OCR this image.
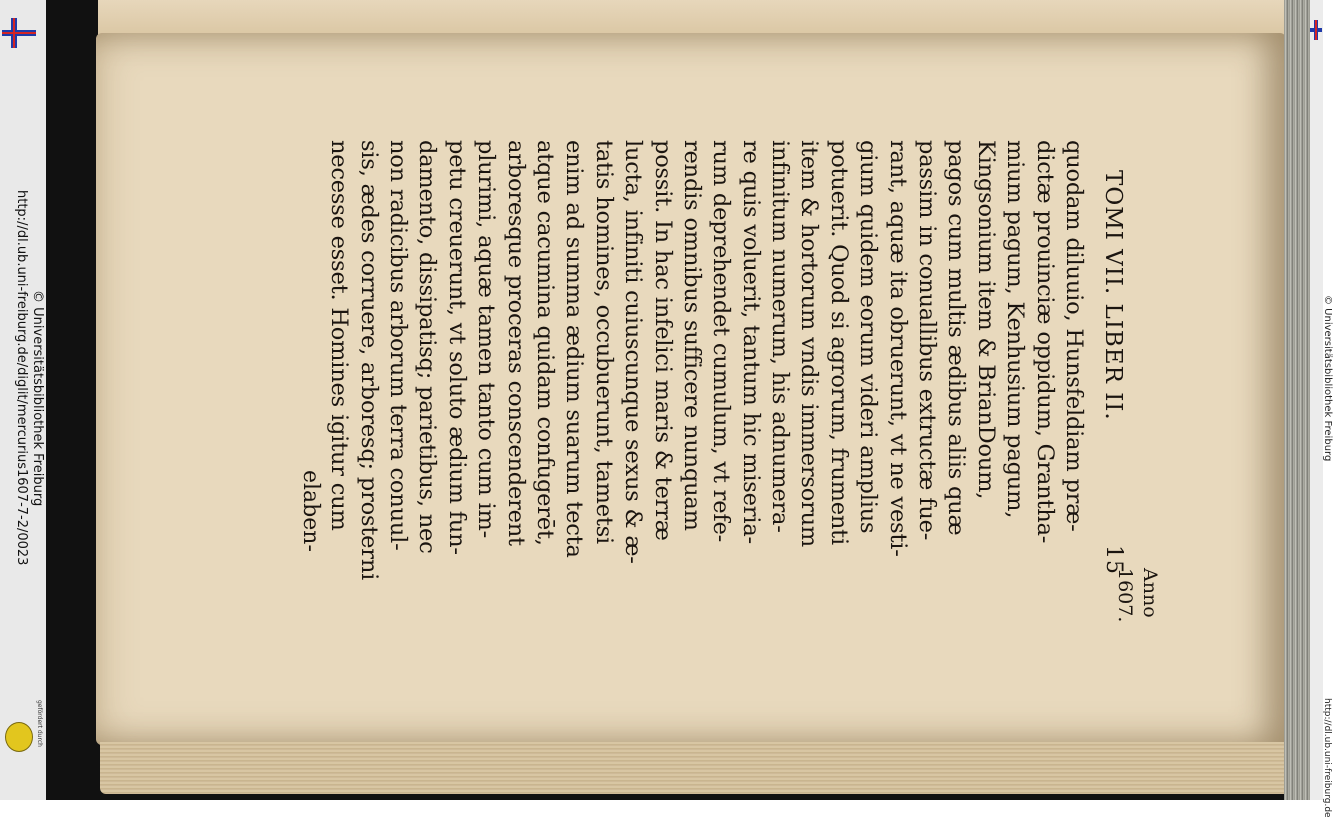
http://dl.ub.uni-freiburg.de/diglit/mercurius1607-7-2/0023 © Universitätsbibliothek Freiburg
gefördert durch
TOMI VII. LIBER II.
15
quodam diluuio, Hunsfeldiam præ-
dictæ prouinciæ oppidum, Grantha-
mium pagum, Kenhusium pagum,
Kingsonium item & BrianDoum,
pagos cum multis ædibus aliis quæ
passim in conuallibus extructæ fue-
rant, aquæ ita obruerunt, vt ne vesti-
gium quidem eorum videri amplius
potuerit. Quod si agrorum, frumenti
item & hortorum vndis immersorum
infinitum numerum, his adnumera-
re quis voluerit, tantum hic miseria-
rum deprehendet cumulum, vt refe-
rendis omnibus sufficere nunquam
possit. In hac infelici maris & terræ
lucta, infiniti cuiuscunque sexus & æ-
tatis homines, occubuerunt, tametsi
enim ad summa ædium suarum tecta
atque cacumina quidam confugerēt,
arboresque proceras conscenderent
plurimi, aquæ tamen tanto cum im-
petu creuerunt, vt soluto ædium fun-
damento, dissipatisq; parietibus, nec
non radicibus arborum terra conuul-
sis, ædes corruere, arboresq; prosterni
necesse esset. Homines igitur cum
elaben-
Anno
1607.
© Universitätsbibliothek Freiburg
http://dl.ub.uni-freiburg.de
